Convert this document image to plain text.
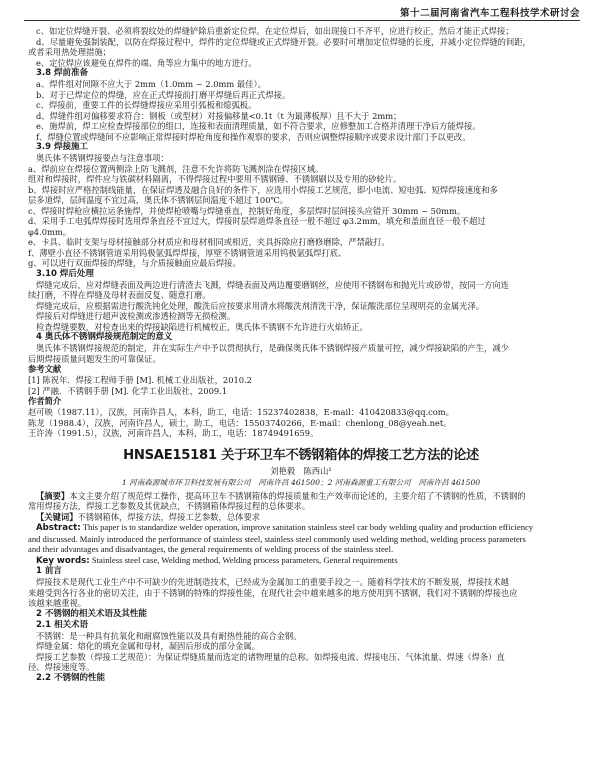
第十二届河南省汽车工程科技学术研讨会
c、如定位焊缝开裂、必须将裂纹处的焊缝铲除后重新定位焊。在定位焊后，如出现接口不齐平，应进行校正，然后才能正式焊接；
d、尽量避免强制装配，以防在焊接过程中，焊件的定位焊缝或正式焊缝开裂。必要时可增加定位焊缝的长度，并减小定位焊缝的间距，
或者采用热处理措施；
e、定位焊应该避免在焊件的端、角等应力集中的地方进行。
3.8 焊前准备
a、焊件组对间隙不应大于 2mm（1.0mm ~ 2.0mm 最佳）。
b、对于已焊定位的焊缝，应在正式焊接前打磨平焊缝后再正式焊接。
c、焊接前，重要工件的长焊缝焊接应采用引弧板和熄弧板。
d、焊缝件组对偏移要求符合：钢板（或型材）对接偏移量<0.1t（t 为最薄板厚）且不大于 2mm；
e、施焊前，焊工应检查焊接部位的组口，连接和表面清理质量，如不符合要求，应修整加工合格并清理干净后方能焊接。
f、焊缝位置或焊缝间不应影响正常焊接时焊枪角度和操作观察的要求，否则应调整焊接顺序或要求设计部门予以更改。
3.9 焊接施工
奥氏体不锈钢焊接要点与注意事项：
a、焊前应在焊接位置两侧涂上防飞溅剂，注意不允许将防飞溅剂涂在焊接区域。
组对和焊接时，焊件应与铁碳材料隔离，不得焊接过程中要用不锈钢锤、不锈钢刷以及专用的砂轮片。
b、焊接时应严格控制线能量，在保证焊透及融合良好的条件下，应选用小焊接工艺规范，即小电流、短电弧、短焊焊接速度和多
层多道焊，层间温度不宜过高，奥氏体不锈钢层间温度不超过 100℃。
c、焊接时焊枪应横拉运条施焊，并使焊枪喷嘴与焊缝垂直，控制好角度，多层焊时层间接头应错开 30mm ~ 50mm。
d、采用手工电弧焊焊接时选用焊条直径不宜过大，焊接时层焊道焊条直径一般不超过 φ3.2mm，填充和盖面直径一般不超过
φ4.0mm。
e、卡具、临时支架与母材接触部分材质应和母材相同或相近，夹具拆除应打磨修磨除，严禁敲打。
f、薄壁小直径不锈钢管道采用钨极氩弧焊焊接，厚壁不锈钢管道采用钨极氩弧焊打底、
g、可以进行双面焊接的焊缝，与介质接触面应最后焊接。
3.10 焊后处理
焊缝完成后，应对焊缝表面及两边进行清渣去飞溅，焊缝表面及两边覆要磨钢丝，应使用不锈钢布和抛光片或砂带，按同一方向连
续打磨，不得在焊缝及母材表面反复、随意打磨。
焊缝完成后，应根据需进行酸洗钝化处理，酸洗后应按要求用清水将酸洗剂清洗干净，保证酸洗部位呈现明亮的金属光泽。
焊接后对焊缝进行超声波检测或渗透检测等无损检测。
检查焊缝要数，对检查出来的焊接缺陷进行机械校正，奥氏体不锈钢不允许进行火焰矫正。
4 奥氏体不锈钢焊接规范制定的意义
奥氏体不锈钢焊接规范的制定，并在实际生产中予以贯彻执行，是确保奥氏体不锈钢焊接产质量可控，减少焊接缺陷的产生，减少
后期焊接质量问题发生的可靠保证。
参考文献
[1] 陈祝年．焊接工程师手册 [M]. 机械工业出版社，2010.2
[2] 严融．不锈钢手册 [M]. 化学工业出版社，2009.1
作者简介
赵可映（1987.11），汉族，河南许昌人，本科，助工，电话：15237402838，E-mail：410420833@qq.com。
陈龙（1988.4），汉族，河南许昌人，硕士，助工，电话：15503740266，E-mail：chenlong_08@yeah.net。
王许涛（1991.5），汉族，河南许昌人，本科，助工，电话：18749491659。
HNSAE15181 关于环卫车不锈钢箱体的焊接工艺方法的论述
刘艳毅　陈西山¹
1 河南森源城市环卫科技发展有限公司　河南许昌 461500；2 河南森源重工有限公司　河南许昌 461500
【摘要】本文主要介绍了规范焊工操作，提高环卫车不锈钢箱体的焊接质量和生产效率而论述的，主要介绍了不锈钢的性质，不锈钢的
常用焊接方法，焊接工艺参数及其优缺点，不锈钢箱体焊接过程的总体要求。
【关键词】不锈钢箱体，焊接方法，焊接工艺参数，总体要求
Abstract: This paper is to standardize welder operation, improve sanitation stainless steel car body welding quality and production efficiency
and discussed. Mainly introduced the performance of stainless steel, stainless steel commonly used welding method, welding process parameters
and their advantages and disadvantages, the general requirements of welding process of the stainless steel.
Key words: Stainless steel case, Welding method, Welding process parameters, General requirements
1 前言
焊接技术是现代工业生产中不可缺少的先进制造技术，已经成为金属加工的重要手段之一。随着科学技术的不断发展，焊接技术越
来越受到各行各业的密切关注，由于不锈钢的特殊的焊接性能，在现代社会中越来越多的地方使用到不锈钢，我们对不锈钢的焊接也应
该越来越重视。
2 不锈钢的相关术语及其性能
2.1 相关术语
不锈钢：是一种具有抗氧化和耐腐蚀性能以及具有耐热性能的高合金钢。
焊缝金属：熔化的填充金属和母材，凝固后形成的部分金属。
焊接工艺参数（焊接工艺规范）：为保证焊缝质量而选定的诸物理量的总称。如焊接电流、焊接电压、气体流量、焊速（焊条）直
径、焊接速度等。
2.2 不锈钢的性能
